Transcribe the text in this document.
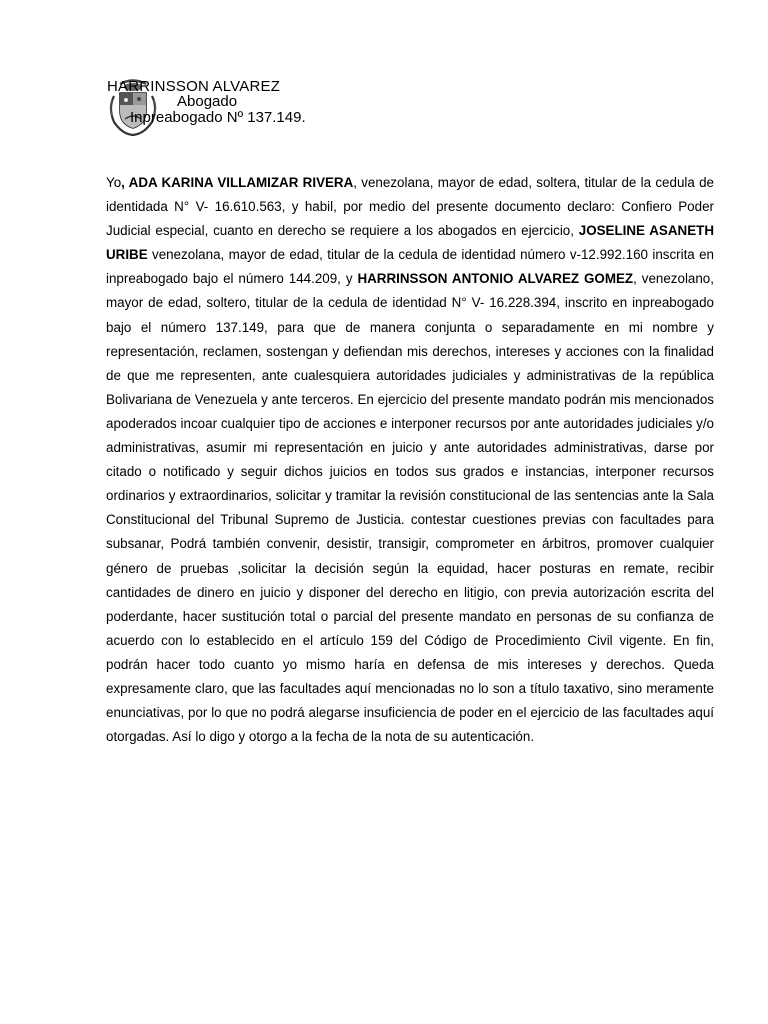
HARRINSSON ALVAREZ
Abogado
Inpreabogado Nº 137.149.

Yo, ADA KARINA VILLAMIZAR RIVERA, venezolana, mayor de edad, soltera, titular de la cedula de identidada N° V- 16.610.563, y habil, por medio del presente documento declaro: Confiero Poder Judicial especial, cuanto en derecho se requiere a los abogados en ejercicio, JOSELINE ASANETH URIBE venezolana, mayor de edad, titular de la cedula de identidad número v-12.992.160 inscrita en inpreabogado bajo el número 144.209, y HARRINSSON ANTONIO ALVAREZ GOMEZ, venezolano, mayor de edad, soltero, titular de la cedula de identidad N° V- 16.228.394, inscrito en inpreabogado bajo el número 137.149, para que de manera conjunta o separadamente en mi nombre y representación, reclamen, sostengan y defiendan mis derechos, intereses y acciones con la finalidad de que me representen, ante cualesquiera autoridades judiciales y administrativas de la república Bolivariana de Venezuela y ante terceros. En ejercicio del presente mandato podrán mis mencionados apoderados incoar cualquier tipo de acciones e interponer recursos por ante autoridades judiciales y/o administrativas, asumir mi representación en juicio y ante autoridades administrativas, darse por citado o notificado y seguir dichos juicios en todos sus grados e instancias, interponer recursos ordinarios y extraordinarios, solicitar y tramitar la revisión constitucional de las sentencias ante la Sala Constitucional del Tribunal Supremo de Justicia. contestar cuestiones previas con facultades para subsanar, Podrá también convenir, desistir, transigir, comprometer en árbitros, promover cualquier género de pruebas ,solicitar la decisión según la equidad, hacer posturas en remate, recibir cantidades de dinero en juicio y disponer del derecho en litigio, con previa autorización escrita del poderdante, hacer sustitución total o parcial del presente mandato en personas de su confianza de acuerdo con lo establecido en el artículo 159 del Código de Procedimiento Civil vigente. En fin, podrán hacer todo cuanto yo mismo haría en defensa de mis intereses y derechos. Queda expresamente claro, que las facultades aquí mencionadas no lo son a título taxativo, sino meramente enunciativas, por lo que no podrá alegarse insuficiencia de poder en el ejercicio de las facultades aquí otorgadas. Así lo digo y otorgo a la fecha de la nota de su autenticación.
